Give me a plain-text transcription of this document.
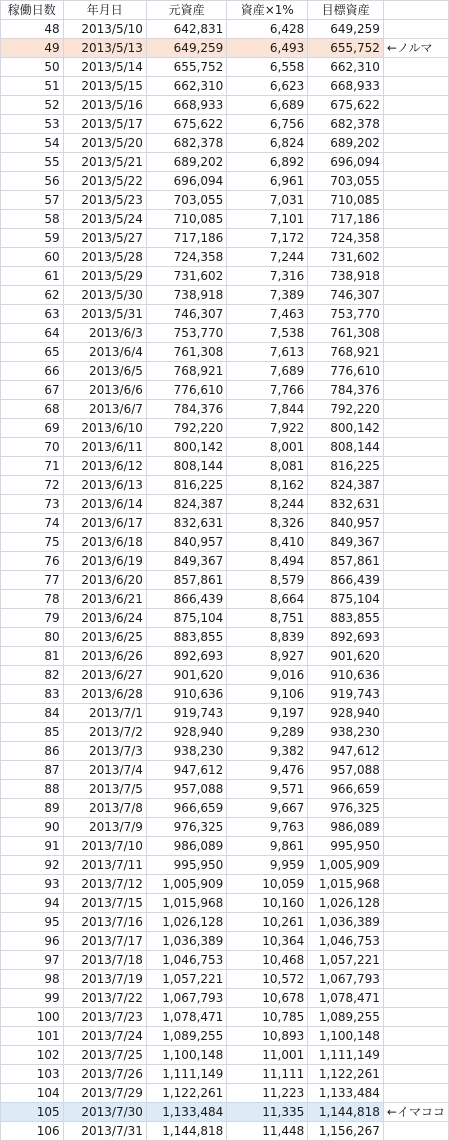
稼働日数	年月日	元資産	資産×1%	目標資産	
48	2013/5/10	642,831	6,428	649,259	
49	2013/5/13	649,259	6,493	655,752	←ノルマ
50	2013/5/14	655,752	6,558	662,310	
51	2013/5/15	662,310	6,623	668,933	
52	2013/5/16	668,933	6,689	675,622	
53	2013/5/17	675,622	6,756	682,378	
54	2013/5/20	682,378	6,824	689,202	
55	2013/5/21	689,202	6,892	696,094	
56	2013/5/22	696,094	6,961	703,055	
57	2013/5/23	703,055	7,031	710,085	
58	2013/5/24	710,085	7,101	717,186	
59	2013/5/27	717,186	7,172	724,358	
60	2013/5/28	724,358	7,244	731,602	
61	2013/5/29	731,602	7,316	738,918	
62	2013/5/30	738,918	7,389	746,307	
63	2013/5/31	746,307	7,463	753,770	
64	2013/6/3	753,770	7,538	761,308	
65	2013/6/4	761,308	7,613	768,921	
66	2013/6/5	768,921	7,689	776,610	
67	2013/6/6	776,610	7,766	784,376	
68	2013/6/7	784,376	7,844	792,220	
69	2013/6/10	792,220	7,922	800,142	
70	2013/6/11	800,142	8,001	808,144	
71	2013/6/12	808,144	8,081	816,225	
72	2013/6/13	816,225	8,162	824,387	
73	2013/6/14	824,387	8,244	832,631	
74	2013/6/17	832,631	8,326	840,957	
75	2013/6/18	840,957	8,410	849,367	
76	2013/6/19	849,367	8,494	857,861	
77	2013/6/20	857,861	8,579	866,439	
78	2013/6/21	866,439	8,664	875,104	
79	2013/6/24	875,104	8,751	883,855	
80	2013/6/25	883,855	8,839	892,693	
81	2013/6/26	892,693	8,927	901,620	
82	2013/6/27	901,620	9,016	910,636	
83	2013/6/28	910,636	9,106	919,743	
84	2013/7/1	919,743	9,197	928,940	
85	2013/7/2	928,940	9,289	938,230	
86	2013/7/3	938,230	9,382	947,612	
87	2013/7/4	947,612	9,476	957,088	
88	2013/7/5	957,088	9,571	966,659	
89	2013/7/8	966,659	9,667	976,325	
90	2013/7/9	976,325	9,763	986,089	
91	2013/7/10	986,089	9,861	995,950	
92	2013/7/11	995,950	9,959	1,005,909	
93	2013/7/12	1,005,909	10,059	1,015,968	
94	2013/7/15	1,015,968	10,160	1,026,128	
95	2013/7/16	1,026,128	10,261	1,036,389	
96	2013/7/17	1,036,389	10,364	1,046,753	
97	2013/7/18	1,046,753	10,468	1,057,221	
98	2013/7/19	1,057,221	10,572	1,067,793	
99	2013/7/22	1,067,793	10,678	1,078,471	
100	2013/7/23	1,078,471	10,785	1,089,255	
101	2013/7/24	1,089,255	10,893	1,100,148	
102	2013/7/25	1,100,148	11,001	1,111,149	
103	2013/7/26	1,111,149	11,111	1,122,261	
104	2013/7/29	1,122,261	11,223	1,133,484	
105	2013/7/30	1,133,484	11,335	1,144,818	←イマココ
106	2013/7/31	1,144,818	11,448	1,156,267	
